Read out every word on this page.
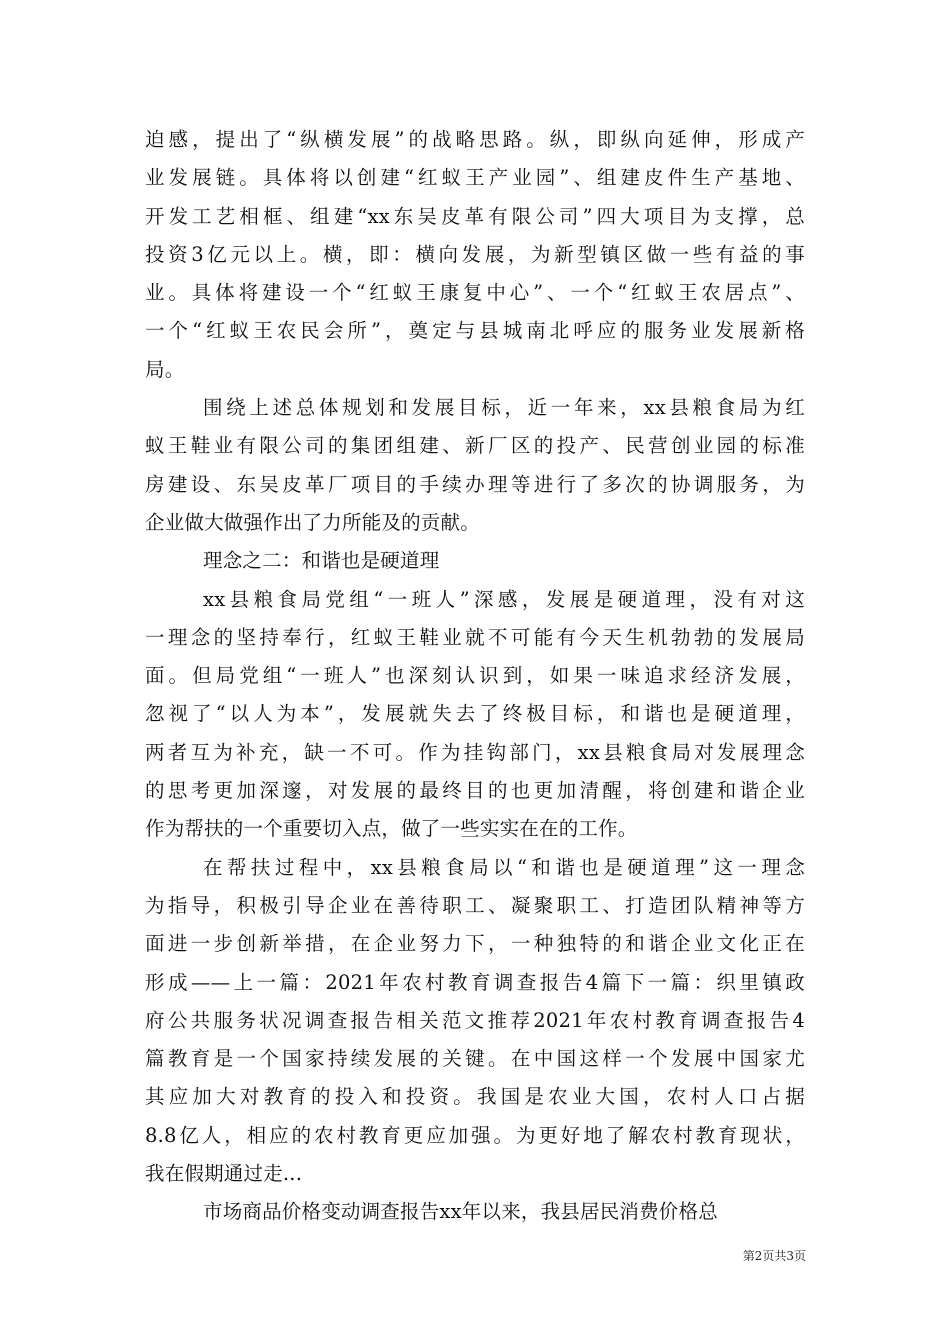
迫感，提出了“纵横发展”的战略思路。纵，即纵向延伸，形成产
业发展链。具体将以创建“红蚁王产业园”、组建皮件生产基地、
开发工艺相框、组建“xx东吴皮革有限公司”四大项目为支撑，总
投资3亿元以上。横，即：横向发展，为新型镇区做一些有益的事
业。具体将建设一个“红蚁王康复中心”、一个“红蚁王农居点”、
一个“红蚁王农民会所”，奠定与县城南北呼应的服务业发展新格
局。
围绕上述总体规划和发展目标，近一年来，xx县粮食局为红
蚁王鞋业有限公司的集团组建、新厂区的投产、民营创业园的标准
房建设、东吴皮革厂项目的手续办理等进行了多次的协调服务，为
企业做大做强作出了力所能及的贡献。
理念之二：和谐也是硬道理
xx县粮食局党组“一班人”深感，发展是硬道理，没有对这
一理念的坚持奉行，红蚁王鞋业就不可能有今天生机勃勃的发展局
面。但局党组“一班人”也深刻认识到，如果一味追求经济发展，
忽视了“以人为本”，发展就失去了终极目标，和谐也是硬道理，
两者互为补充，缺一不可。作为挂钩部门，xx县粮食局对发展理念
的思考更加深邃，对发展的最终目的也更加清醒，将创建和谐企业
作为帮扶的一个重要切入点，做了一些实实在在的工作。
在帮扶过程中，xx县粮食局以“和谐也是硬道理”这一理念
为指导，积极引导企业在善待职工、凝聚职工、打造团队精神等方
面进一步创新举措，在企业努力下，一种独特的和谐企业文化正在
形成——上一篇：2021年农村教育调查报告4篇下一篇：织里镇政
府公共服务状况调查报告相关范文推荐2021年农村教育调查报告4
篇教育是一个国家持续发展的关键。在中国这样一个发展中国家尤
其应加大对教育的投入和投资。我国是农业大国，农村人口占据
8.8亿人，相应的农村教育更应加强。为更好地了解农村教育现状，
我在假期通过走...
市场商品价格变动调查报告xx年以来，我县居民消费价格总
第2页共3页
